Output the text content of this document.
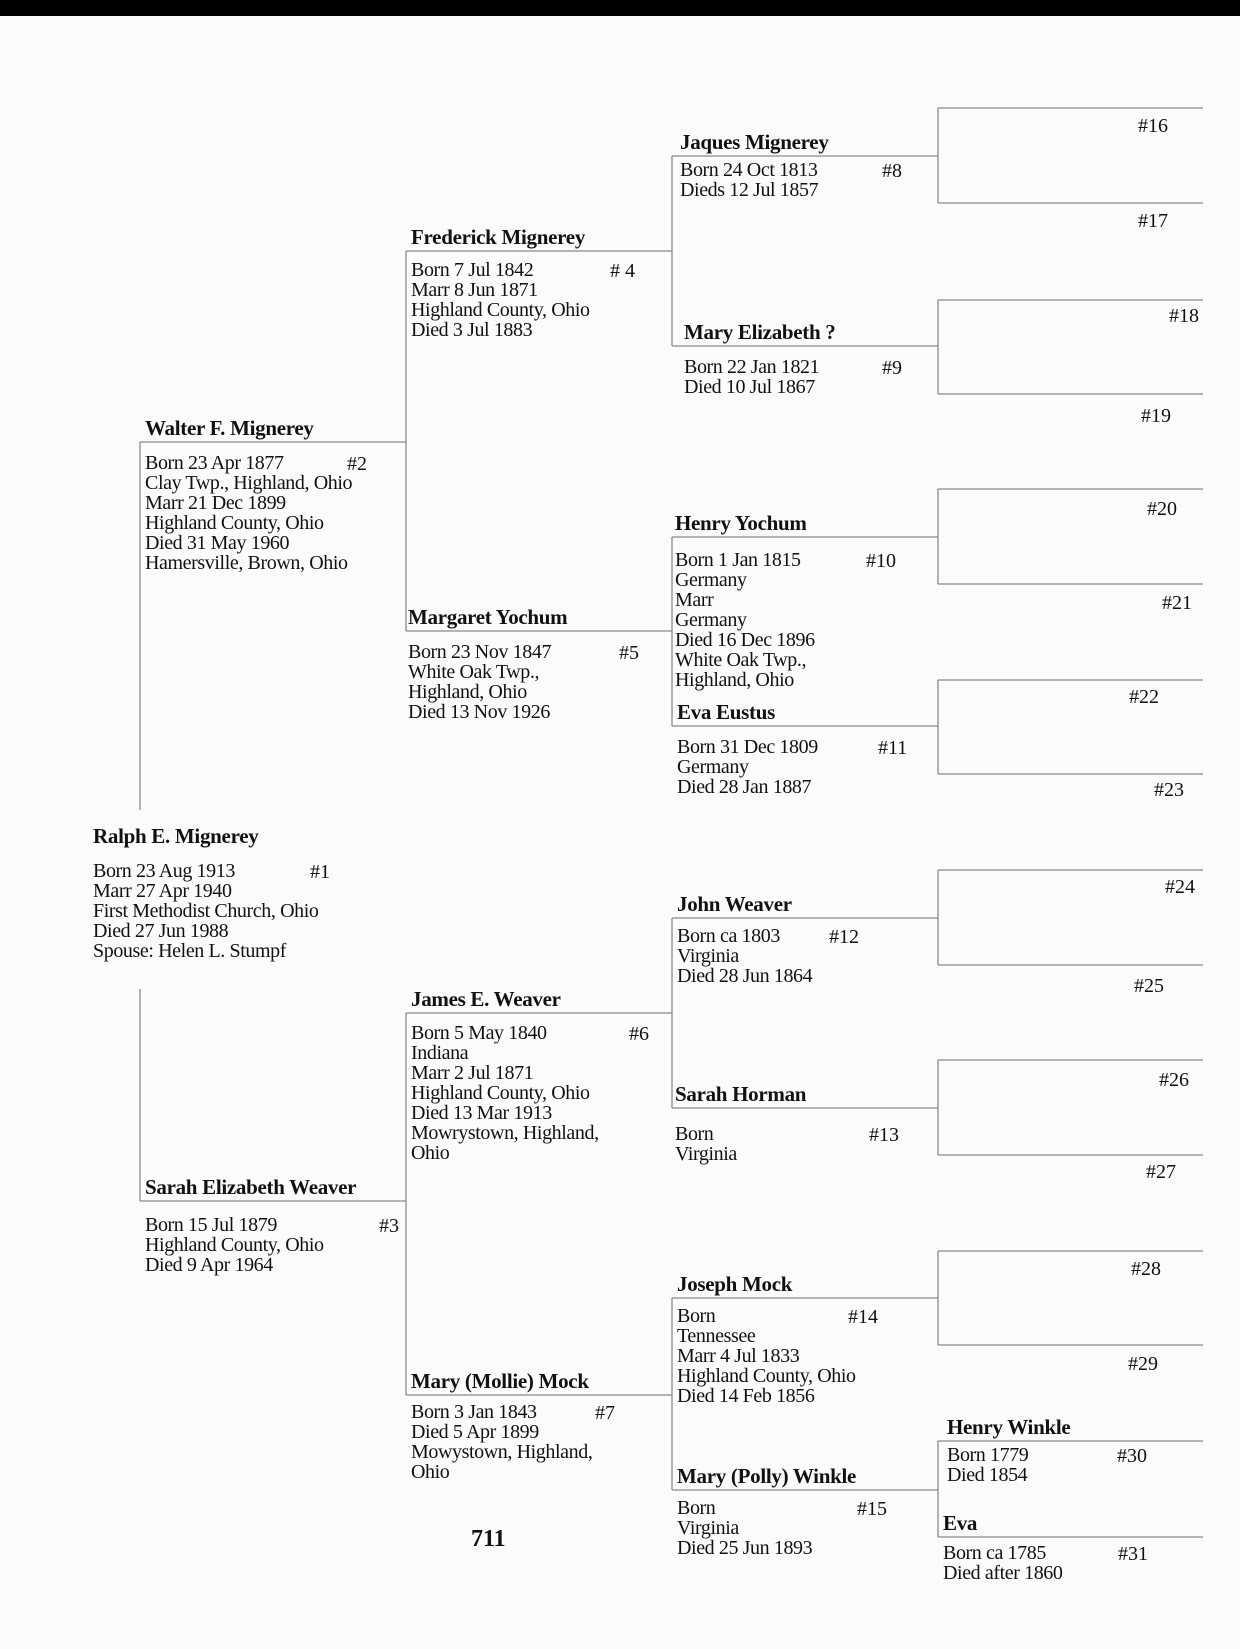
Ralph E. Mignerey
Born 23 Aug 1913
Marr 27 Apr 1940
First Methodist Church, Ohio
Died 27 Jun 1988
Spouse: Helen L. Stumpf
#1
Walter F. Mignerey
Born 23 Apr 1877
Clay Twp., Highland, Ohio
Marr 21 Dec 1899
Highland County, Ohio
Died 31 May 1960
Hamersville, Brown, Ohio
#2
Sarah Elizabeth Weaver
Born 15 Jul 1879
Highland County, Ohio
Died 9 Apr 1964
#3
Frederick Mignerey
Born 7 Jul 1842
Marr 8 Jun 1871
Highland County, Ohio
Died 3 Jul 1883
# 4
Margaret Yochum
Born 23 Nov 1847
White Oak Twp.,
Highland, Ohio
Died 13 Nov 1926
#5
James E. Weaver
Born 5 May 1840
Indiana
Marr 2 Jul 1871
Highland County, Ohio
Died 13 Mar 1913
Mowrystown, Highland,
Ohio
#6
Mary (Mollie) Mock
Born 3 Jan 1843
Died 5 Apr 1899
Mowystown, Highland,
Ohio
#7
Jaques Mignerey
Born 24 Oct 1813
Dieds 12 Jul 1857
#8
Mary Elizabeth ?
Born 22 Jan 1821
Died 10 Jul 1867
#9
Henry Yochum
Born 1 Jan 1815
Germany
Marr
Germany
Died 16 Dec 1896
White Oak Twp.,
Highland, Ohio
#10
Eva Eustus
Born 31 Dec 1809
Germany
Died 28 Jan 1887
#11
John Weaver
Born ca 1803
Virginia
Died 28 Jun 1864
#12
Sarah Horman
Born
Virginia
#13
Joseph Mock
Born
Tennessee
Marr 4 Jul 1833
Highland County, Ohio
Died 14 Feb 1856
#14
Mary (Polly) Winkle
Born
Virginia
Died 25 Jun 1893
#15
Henry Winkle
Born 1779
Died 1854
#30
Eva
Born ca 1785
Died after 1860
#31
#16
#17
#18
#19
#20
#21
#22
#23
#24
#25
#26
#27
#28
#29
711
